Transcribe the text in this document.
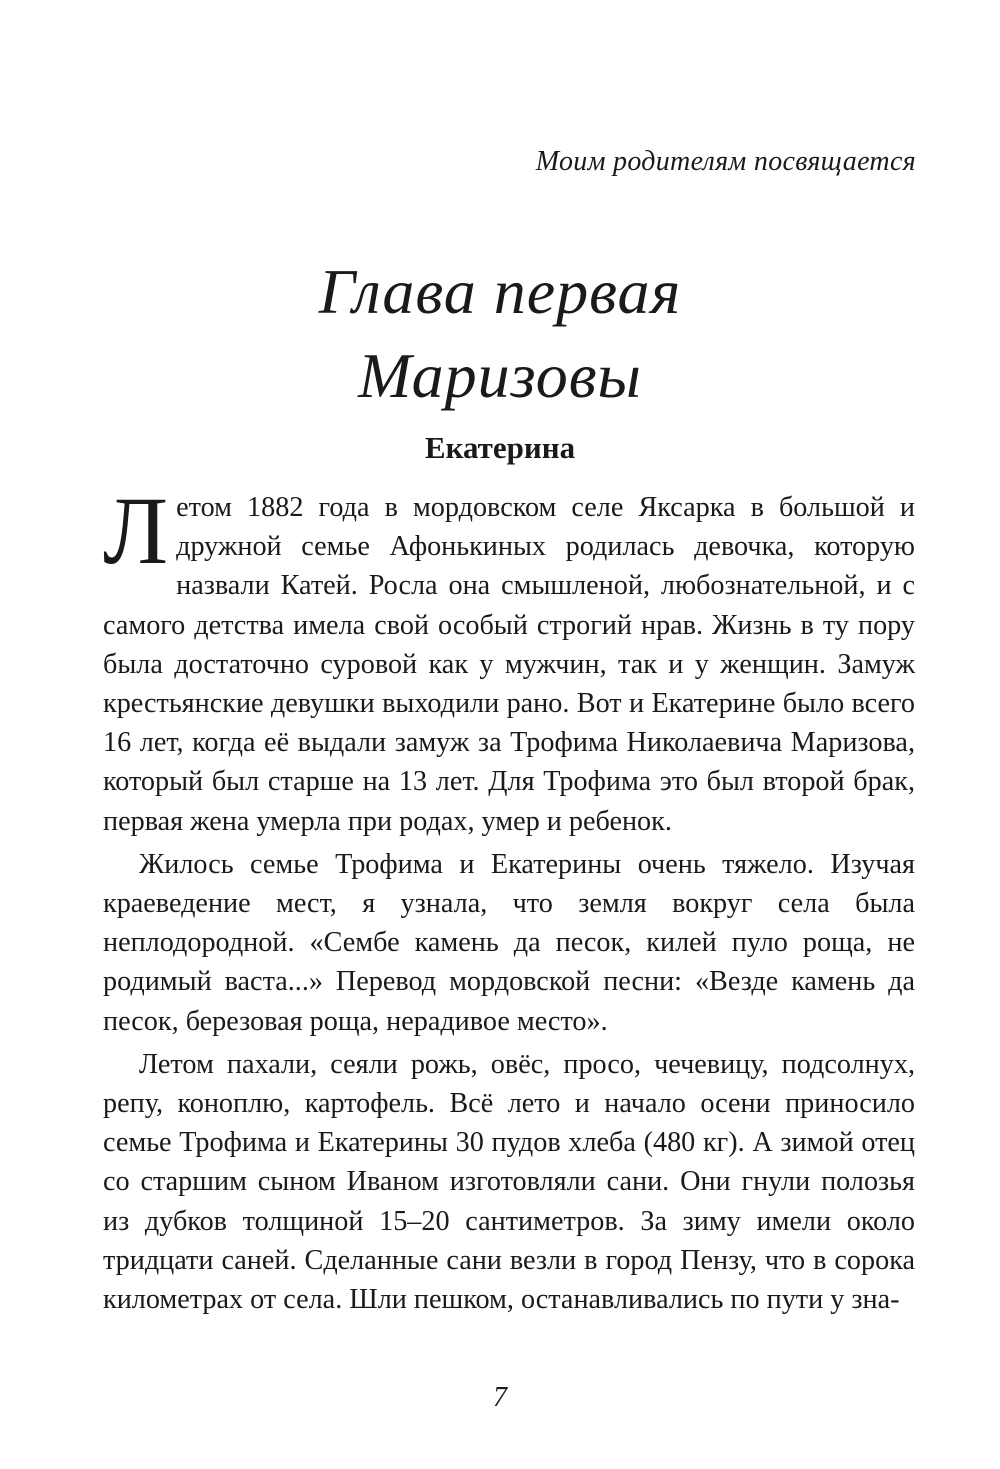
Моим родителям посвящается
Глава первая
Маризовы
Екатерина

Летом 1882 года в мордовском селе Яксарка в большой и дружной семье Афонькиных родилась девочка, которую назвали Катей. Росла она смышленой, любознательной, и с самого детства имела свой особый строгий нрав. Жизнь в ту пору была достаточно суровой как у мужчин, так и у женщин. Замуж крестьянские девушки выходили рано. Вот и Екатерине было всего 16 лет, когда её выдали замуж за Трофима Николаевича Маризова, который был старше на 13 лет. Для Трофима это был второй брак, первая жена умерла при родах, умер и ребенок.

Жилось семье Трофима и Екатерины очень тяжело. Изучая краеведение мест, я узнала, что земля вокруг села была неплодородной. «Сембе камень да песок, килей пуло роща, не родимый васта...» Перевод мордовской песни: «Везде камень да песок, березовая роща, нерадивое место».

Летом пахали, сеяли рожь, овёс, просо, чечевицу, подсолнух, репу, коноплю, картофель. Всё лето и начало осени приносило семье Трофима и Екатерины 30 пудов хлеба (480 кг). А зимой отец со старшим сыном Иваном изготовляли сани. Они гнули полозья из дубков толщиной 15–20 сантиметров. За зиму имели около тридцати саней. Сделанные сани везли в город Пензу, что в сорока километрах от села. Шли пешком, останавливались по пути у зна-

7
